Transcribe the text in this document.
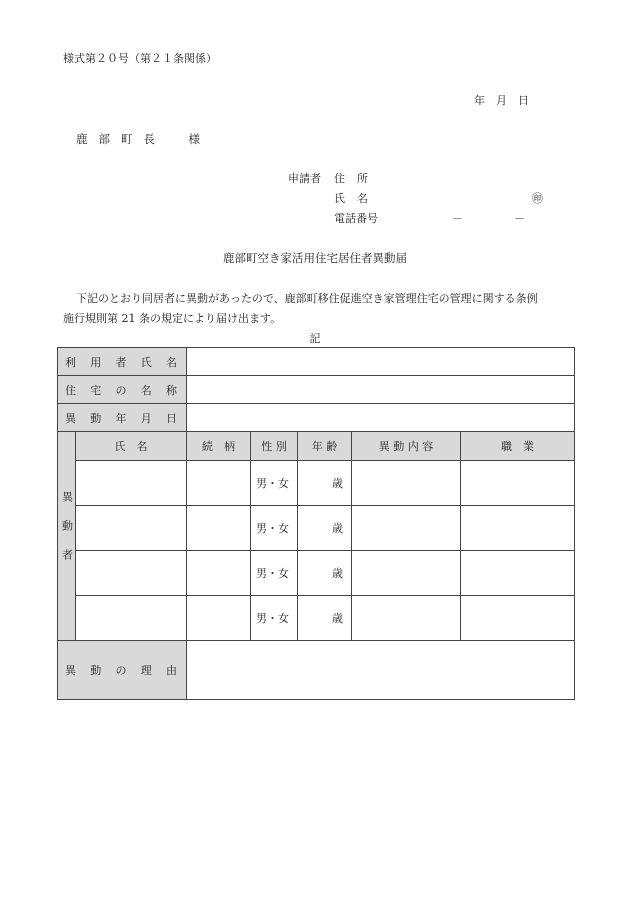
様式第２０号（第２１条関係）
年　月　日
鹿部町長　様
申請者 住所
氏名	㊞
電話番号	－	－
鹿部町空き家活用住宅居住者異動届

下記のとおり同居者に異動があったので、鹿部町移住促進空き家管理住宅の管理に関する条例

施行規則第 21 条の規定により届け出ます。

記
利用者氏名						
住宅の名称						
異動年月日						
異動者	氏　名	続　柄	性 別	年 齢	異 動 内 容	職　業
			男・女	歳		
			男・女	歳		
			男・女	歳		
			男・女	歳		
異動の理由						
